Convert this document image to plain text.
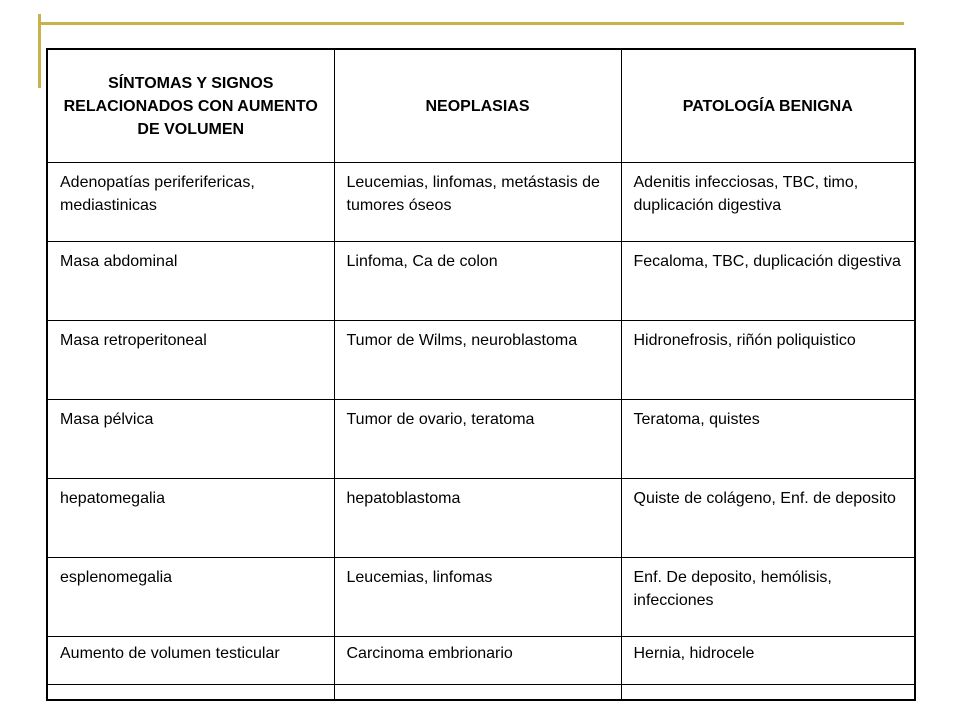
SÍNTOMAS Y SIGNOS RELACIONADOS CON AUMENTO DE VOLUMEN	NEOPLASIAS	PATOLOGÍA BENIGNA
Adenopatías periferifericas, mediastinicas	Leucemias, linfomas, metástasis de tumores óseos	Adenitis infecciosas, TBC, timo, duplicación digestiva
Masa abdominal	Linfoma, Ca de colon	Fecaloma, TBC, duplicación digestiva
Masa retroperitoneal	Tumor de Wilms, neuroblastoma	Hidronefrosis, riñón poliquistico
Masa pélvica	Tumor de ovario, teratoma	Teratoma, quistes
hepatomegalia	hepatoblastoma	Quiste de colágeno, Enf. de deposito
esplenomegalia	Leucemias, linfomas	Enf. De deposito, hemólisis, infecciones
Aumento de volumen testicular	Carcinoma embrionario	Hernia, hidrocele
